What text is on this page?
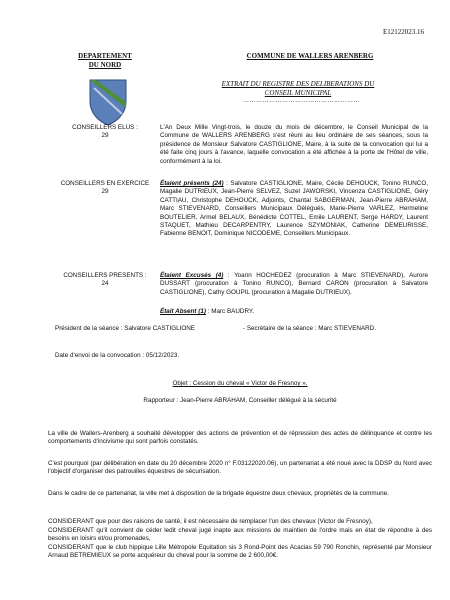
E12122023.16
DEPARTEMENT
DU NORD
COMMUNE DE WALLERS ARENBERG
EXTRAIT DU REGISTRE DES DELIBERATIONS DU
CONSEIL MUNICIPAL
………………………………………………
CONSEILLERS ELUS :
29
L'An Deux Mille Vingt-trois, le douze du mois de décembre, le Conseil Municipal de la Commune de WALLERS ARENBERG s'est réuni au lieu ordinaire de ses séances, sous la présidence de Monsieur Salvatore CASTIGLIONE, Maire, à la suite de la convocation qui lui a été faite cinq jours à l'avance, laquelle convocation a été affichée à la porte de l'Hôtel de ville, conformément à la loi.
CONSEILLERS EN EXERCICE
29
Étaient présents (24) : Salvatore CASTIGLIONE, Maire, Cécile DEHOUCK, Tonino RUNCO, Magalie DUTRIEUX, Jean-Pierre SELVEZ, Suzel JAWORSKI, Vincenza CASTIGLIONE, Géry CATTIAU, Christophe DEHOUCK, Adjoints, Chantal SABGERMAN, Jean-Pierre ABRAHAM, Marc STIEVENARD, Conseillers Municipaux Délégués, Marie-Pierre VARLEZ, Hermeline BOUTELIER, Armel BELAUX, Bénédicte COTTEL, Emile LAURENT, Serge HARDY, Laurent STAQUET, Mathieu DECARPENTRY, Laurence SZYMONIAK, Catherine DEMEURISSE, Fabienne BENOIT, Dominique NICODEME, Conseillers Municipaux.
CONSEILLERS PRESENTS :
24
Étaient Excusés (4) : Yoann HOCHEDEZ (procuration à Marc STIEVENARD), Aurore DUSSART (procuration à Tonino RUNCO), Bernard CARON (procuration à Salvatore CASTIGLIONE), Cathy GOUPIL (procuration à Magalie DUTRIEUX).
Était Absent (1) : Marc BAUDRY.
Président de la séance : Salvatore CASTIGLIONE	- Secrétaire de la séance : Marc STIEVENARD.
Date d'envoi de la convocation : 05/12/2023.
Objet : Cession du cheval « Victor de Fresnoy ».
Rapporteur : Jean-Pierre ABRAHAM, Conseiller délégué à la sécurité
La ville de Wallers-Arenberg a souhaité développer des actions de prévention et de répression des actes de délinquance et contre les comportements d'incivisme qui sont parfois constatés.
C'est pourquoi (par délibération en date du 20 décembre 2020 n° F.03122020.06), un partenariat a été noué avec la DDSP du Nord avec l'objectif d'organiser des patrouilles équestres de sécurisation.
Dans le cadre de ce partenariat, la ville met à disposition de la brigade équestre deux chevaux, propriétés de la commune.
CONSIDERANT que pour des raisons de santé, il est nécessaire de remplacer l'un des chevaux (Victor de Fresnoy),
CONSIDERANT qu'il convient de céder ledit cheval jugé inapte aux missions de maintien de l'ordre mais en état de répondre à des besoins en loisirs et/ou promenades,
CONSIDERANT que le club hippique Lille Métropole Equitation sis 3 Rond-Point des Acacias 59 790 Ronchin, représenté par Monsieur Arnaud BETREMIEUX se porte acquéreur du cheval pour la somme de 2 600,00€.
